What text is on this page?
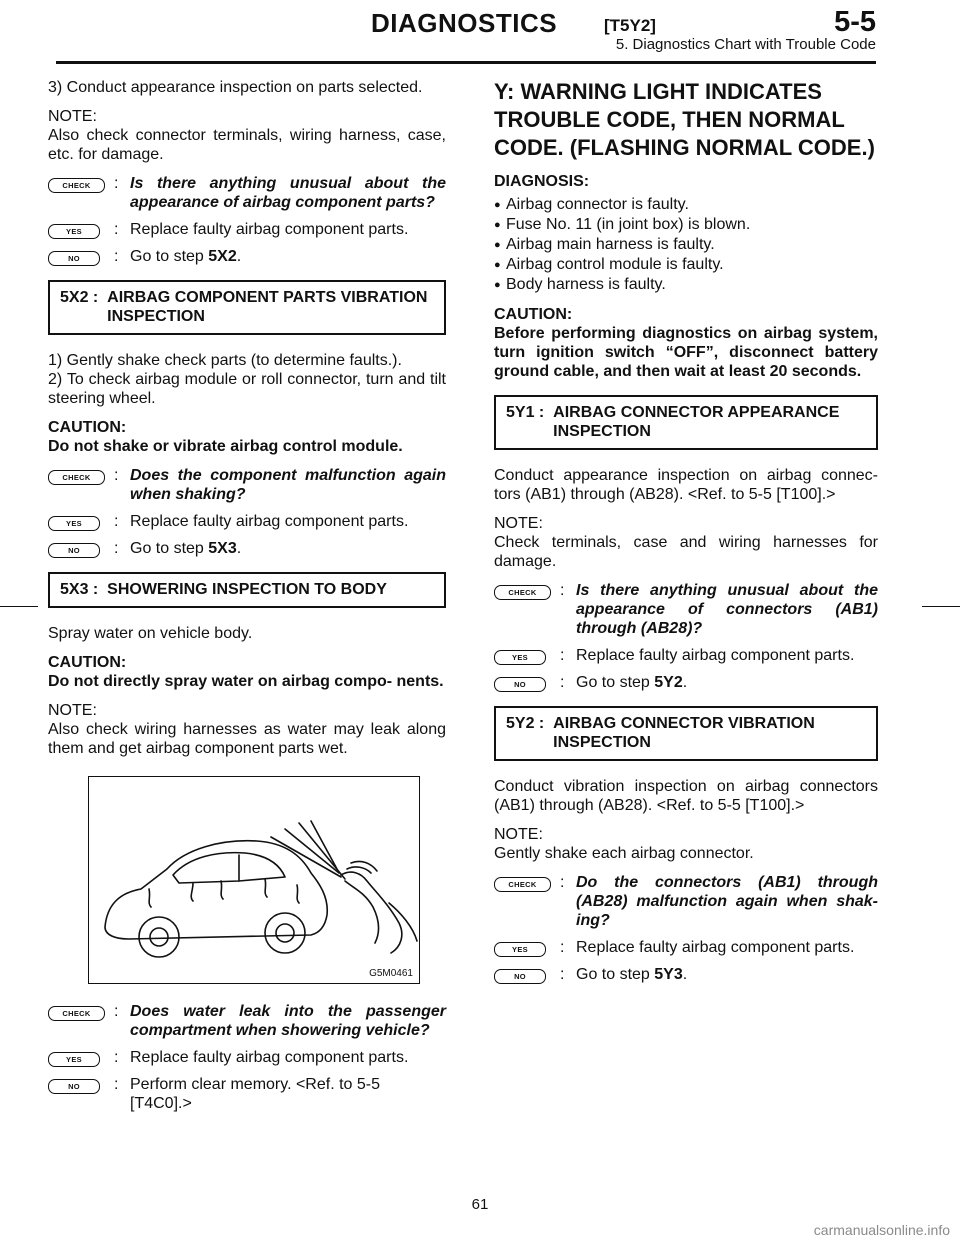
DIAGNOSTICS	[T5Y2]	5-5
5. Diagnostics Chart with Trouble Code

3) Conduct appearance inspection on parts selected.

NOTE:

Also check connector terminals, wiring harness, case, etc. for damage.

CHECK	: Is there anything unusual about the appearance of airbag component parts?
YES	: Replace faulty airbag component parts.
NO	: Go to step 5X2.
5X2 : AIRBAG COMPONENT PARTS VIBRATION INSPECTION

1) Gently shake check parts (to determine faults.).

2) To check airbag module or roll connector, turn and tilt steering wheel.

CAUTION:

Do not shake or vibrate airbag control module.

CHECK	: Does the component malfunction again when shaking?
YES	: Replace faulty airbag component parts.
NO	: Go to step 5X3.
5X3 : SHOWERING INSPECTION TO BODY

Spray water on vehicle body.

CAUTION:

Do not directly spray water on airbag compo- nents.

NOTE:

Also check wiring harnesses as water may leak along them and get airbag component parts wet.

G5M0461
CHECK	: Does water leak into the passenger compartment when showering vehicle?
YES	: Replace faulty airbag component parts.
NO	: Perform clear memory. <Ref. to 5-5 [T4C0].>
Y: WARNING LIGHT INDICATES TROUBLE CODE, THEN NORMAL CODE. (FLASHING NORMAL CODE.)

DIAGNOSIS:

● Airbag connector is faulty.
● Fuse No. 11 (in joint box) is blown.
● Airbag main harness is faulty.
● Airbag control module is faulty.
● Body harness is faulty.

CAUTION:

Before performing diagnostics on airbag system, turn ignition switch “OFF”, disconnect battery ground cable, and then wait at least 20 seconds.

5Y1 : AIRBAG CONNECTOR APPEARANCE INSPECTION

Conduct appearance inspection on airbag connec- tors (AB1) through (AB28). <Ref. to 5-5 [T100].>

NOTE:

Check terminals, case and wiring harnesses for damage.

CHECK	: Is there anything unusual about the appearance of connectors (AB1) through (AB28)?
YES	: Replace faulty airbag component parts.
NO	: Go to step 5Y2.
5Y2 : AIRBAG CONNECTOR VIBRATION INSPECTION

Conduct vibration inspection on airbag connectors (AB1) through (AB28). <Ref. to 5-5 [T100].>

NOTE:

Gently shake each airbag connector.

CHECK	: Do the connectors (AB1) through (AB28) malfunction again when shak- ing?
YES	: Replace faulty airbag component parts.
NO	: Go to step 5Y3.
61
carmanualsonline.info
